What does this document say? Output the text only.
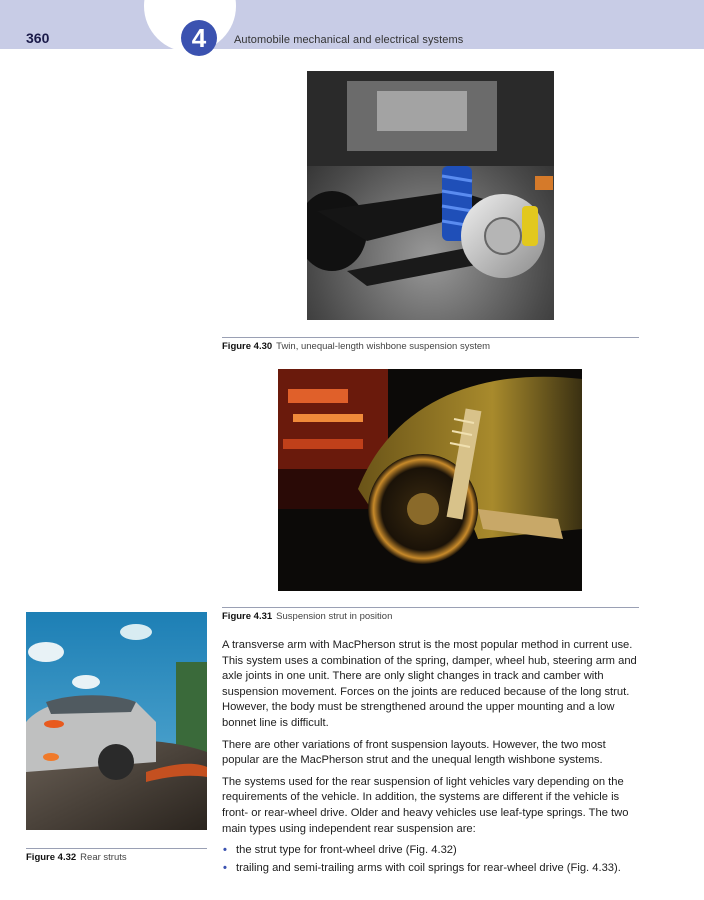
360	4	Automobile mechanical and electrical systems
Figure 4.30 Twin, unequal-length wishbone suspension system
Figure 4.31 Suspension strut in position
Figure 4.32 Rear struts

A transverse arm with MacPherson strut is the most popular method in current use. This system uses a combination of the spring, damper, wheel hub, steering arm and axle joints in one unit. There are only slight changes in track and camber with suspension movement. Forces on the joints are reduced because of the long strut. However, the body must be strengthened around the upper mounting and a low bonnet line is difficult.

There are other variations of front suspension layouts. However, the two most popular are the MacPherson strut and the unequal length wishbone systems.

The systems used for the rear suspension of light vehicles vary depending on the requirements of the vehicle. In addition, the systems are different if the vehicle is front- or rear-wheel drive. Older and heavy vehicles use leaf-type springs. The two main types using independent rear suspension are:

• the strut type for front-wheel drive (Fig. 4.32)
• trailing and semi-trailing arms with coil springs for rear-wheel drive (Fig. 4.33).
